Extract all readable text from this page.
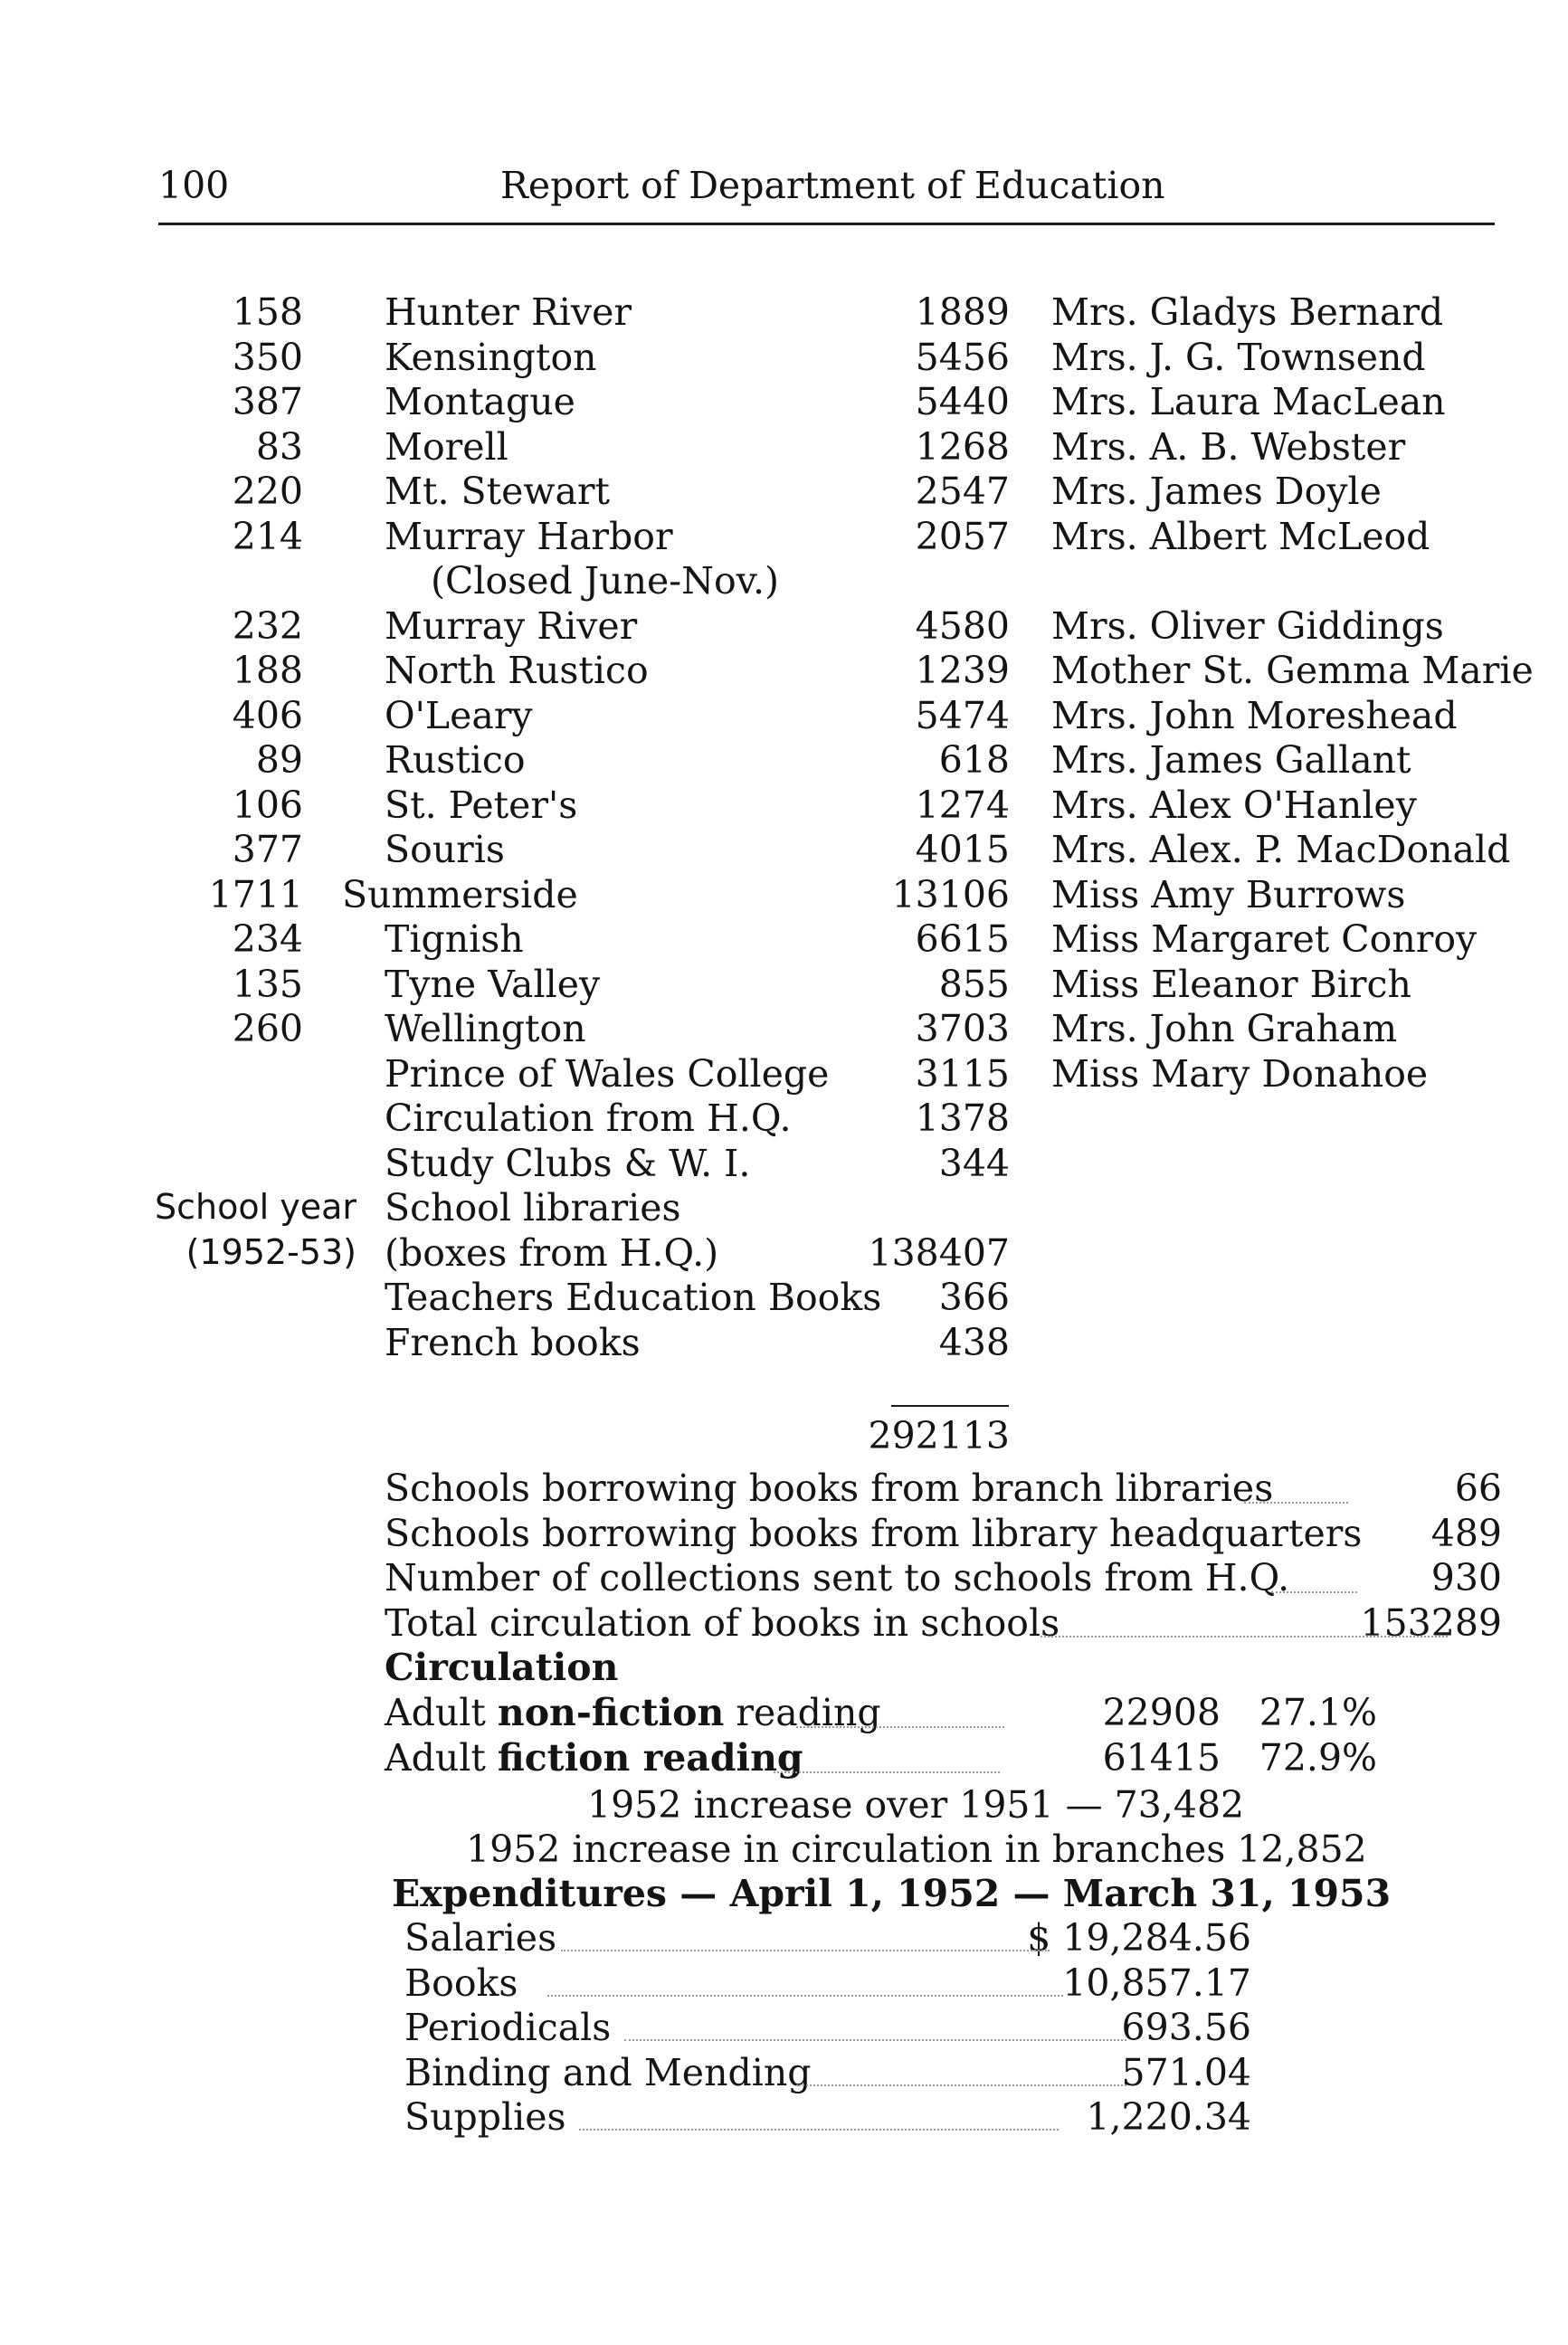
100	Report of Department of Education
158 Hunter River	1889 Mrs. Gladys Bernard
350 Kensington	5456 Mrs. J. G. Townsend
387 Montague	5440 Mrs. Laura MacLean
83 Morell	1268 Mrs. A. B. Webster
220 Mt. Stewart	2547 Mrs. James Doyle
214 Murray Harbor	2057 Mrs. Albert McLeod
(Closed June-Nov.)
232 Murray River	4580 Mrs. Oliver Giddings
188 North Rustico	1239 Mother St. Gemma Marie
406 O'Leary	5474 Mrs. John Moreshead
89 Rustico	618 Mrs. James Gallant
106 St. Peter's	1274 Mrs. Alex O'Hanley
377 Souris	4015 Mrs. Alex. P. MacDonald
1711 Summerside	13106 Miss Amy Burrows
234 Tignish	6615 Miss Margaret Conroy
135 Tyne Valley	855 Miss Eleanor Birch
260 Wellington	3703 Mrs. John Graham
Prince of Wales College 3115 Miss Mary Donahoe
Circulation from H.Q.	1378
Study Clubs & W. I.	344
School year School libraries
(1952-53) (boxes from H.Q.)	138407
Teachers Education Books 366
French books	438
292113
Schools borrowing books from branch libraries	66
Schools borrowing books from library headquarters 489
Number of collections sent to schools from H.Q.	930
Total circulation of books in schools	153289
Circulation
Adult non-fiction reading	22908 27.1%
Adult fiction reading	61415 72.9%
1952 increase over 1951 — 73,482
1952 increase in circulation in branches 12,852
Expenditures — April 1, 1952 — March 31, 1953
Salaries	$ 19,284.56
Books	10,857.17
Periodicals	693.56
Binding and Mending	571.04
Supplies	1,220.34
